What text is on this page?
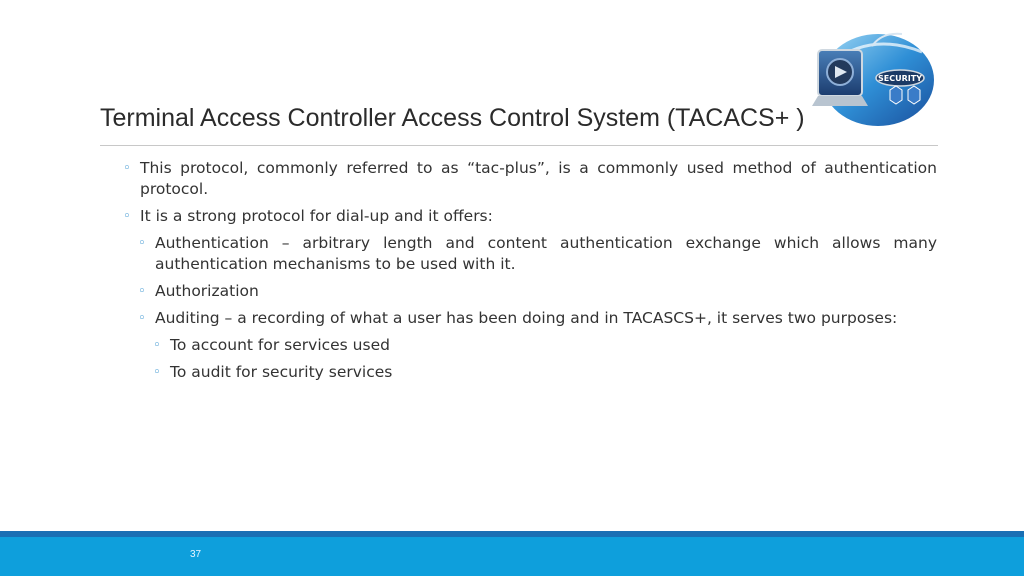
SECURITY
Terminal Access Controller Access Control System (TACACS+ )
◦ This protocol, commonly referred to as “tac-plus”, is a commonly used method of authentication protocol.
◦ It is a strong protocol for dial-up and it offers:
◦ Authentication – arbitrary length and content authentication exchange which allows many authentication mechanisms to be used with it.
◦ Authorization
◦ Auditing – a recording of what a user has been doing and in TACASCS+, it serves two purposes:
◦ To account for services used
◦ To audit for security services
37
